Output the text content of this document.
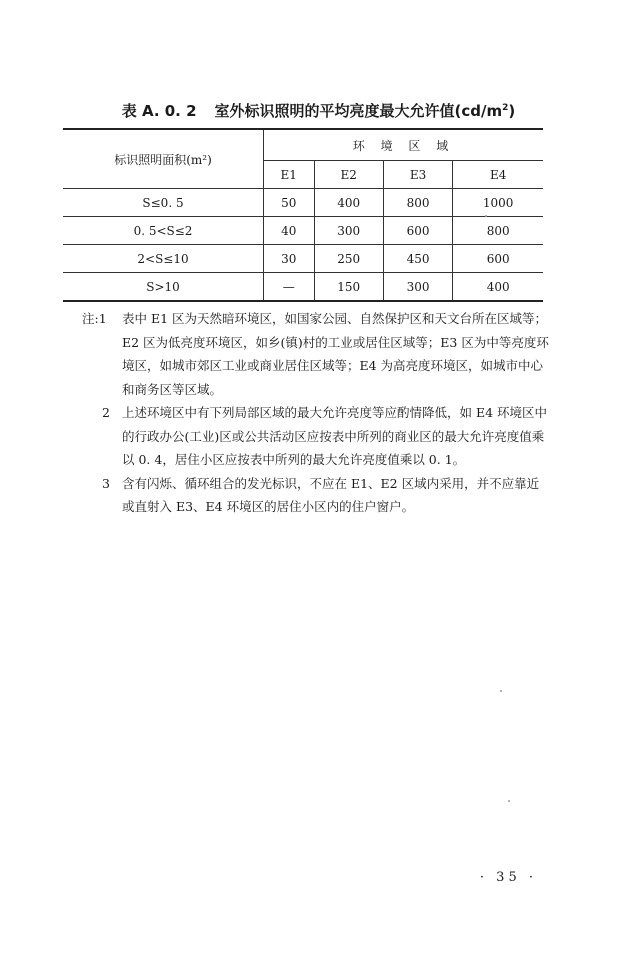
表 A. 0. 2 室外标识照明的平均亮度最大允许值$(cd/m^2)$
标识照明面积(m²)	环 境 区 域			
	E1	E2	E3	E4
S≤0. 5	50	400	800	1000
0. 5<S≤2	40	300	600	800
2<S≤10	30	250	450	600
S>10	—	150	300	400
注:1 表中 E1 区为天然暗环境区，如国家公园、自然保护区和天文台所在区域等；E2 区为低亮度环境区，如乡(镇)村的工业或居住区域等；E3 区为中等亮度环境区，如城市郊区工业或商业居住区域等；E4 为高亮度环境区，如城市中心和商务区等区域。
2 上述环境区中有下列局部区域的最大允许亮度等应酌情降低，如 E4 环境区中的行政办公(工业)区或公共活动区应按表中所列的商业区的最大允许亮度值乘以 0. 4，居住小区应按表中所列的最大允许亮度值乘以 0. 1。
3 含有闪烁、循环组合的发光标识，不应在 E1、E2 区域内采用，并不应靠近或直射入 E3、E4 环境区的居住小区内的住户窗户。
· 35 ·
